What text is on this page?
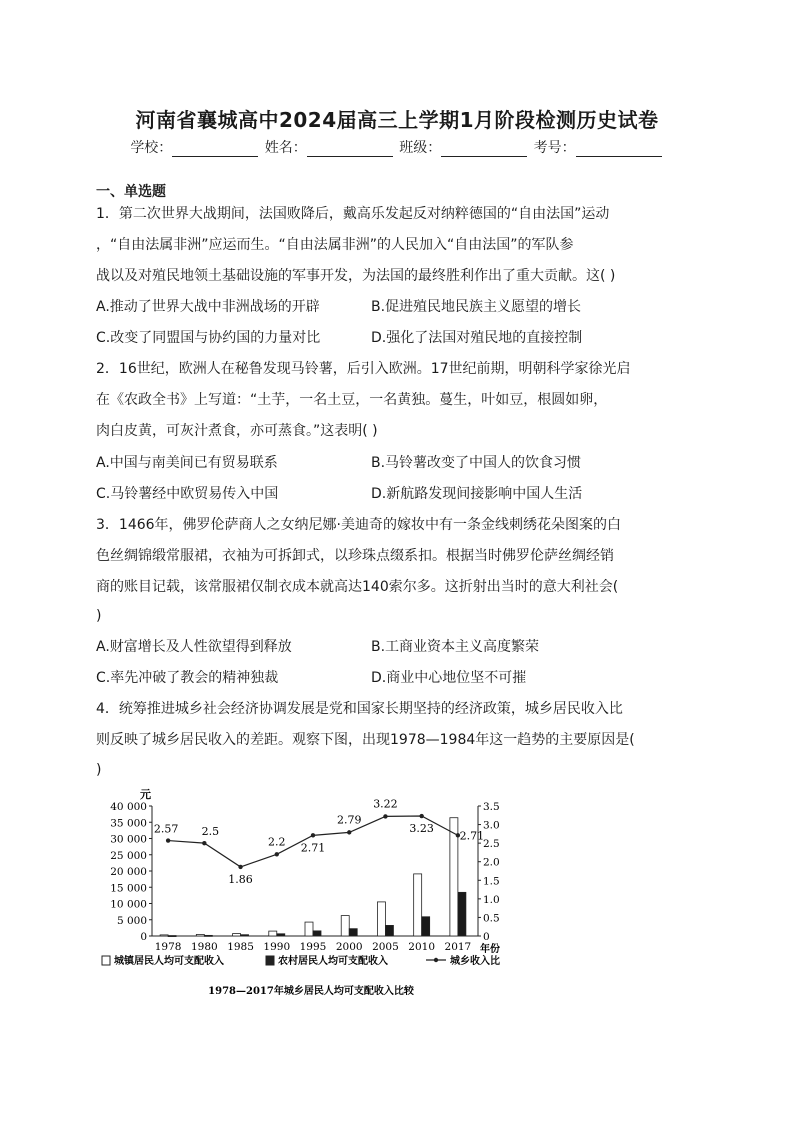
河南省襄城高中2024届高三上学期1月阶段检测历史试卷
学校：	姓名：	班级：	考号：
一、单选题
1．第二次世界大战期间，法国败降后，戴高乐发起反对纳粹德国的“自由法国”运动
，“自由法属非洲”应运而生。“自由法属非洲”的人民加入“自由法国”的军队参
战以及对殖民地领土基础设施的军事开发，为法国的最终胜利作出了重大贡献。这( )
A.推动了世界大战中非洲战场的开辟	B.促进殖民地民族主义愿望的增长
C.改变了同盟国与协约国的力量对比	D.强化了法国对殖民地的直接控制
2．16世纪，欧洲人在秘鲁发现马铃薯，后引入欧洲。17世纪前期，明朝科学家徐光启
在《农政全书》上写道：“土芋，一名土豆，一名黄独。蔓生，叶如豆，根圆如卵，
肉白皮黄，可灰汁煮食，亦可蒸食。”这表明( )
A.中国与南美间已有贸易联系	B.马铃薯改变了中国人的饮食习惯
C.马铃薯经中欧贸易传入中国	D.新航路发现间接影响中国人生活
3．1466年，佛罗伦萨商人之女纳尼娜·美迪奇的嫁妆中有一条金线刺绣花朵图案的白
色丝绸锦缎常服裙，衣袖为可拆卸式，以珍珠点缀系扣。根据当时佛罗伦萨丝绸经销
商的账目记载，该常服裙仅制衣成本就高达140索尔多。这折射出当时的意大利社会(
)
A.财富增长及人性欲望得到释放	B.工商业资本主义高度繁荣
C.率先冲破了教会的精神独裁	D.商业中心地位坚不可摧
4．统筹推进城乡社会经济协调发展是党和国家长期坚持的经济政策，城乡居民收入比
则反映了城乡居民收入的差距。观察下图，出现1978—1984年这一趋势的主要原因是(
)
元
年份
1978—2017年城乡居民人均可支配收入比较
0
5 000
10 000
15 000
20 000
25 000
30 000
35 000
40 000
0
0.5
1.0
1.5
2.0
2.5
3.0
3.5
1978 1980 1985 1990 1995 2000 2005 2010 2017
2.57 2.5
1.86
2.2 2.71
2.79
3.22
3.23
2.71
城镇居民人均可支配收入	农村居民人均可支配收入	城乡收入比
